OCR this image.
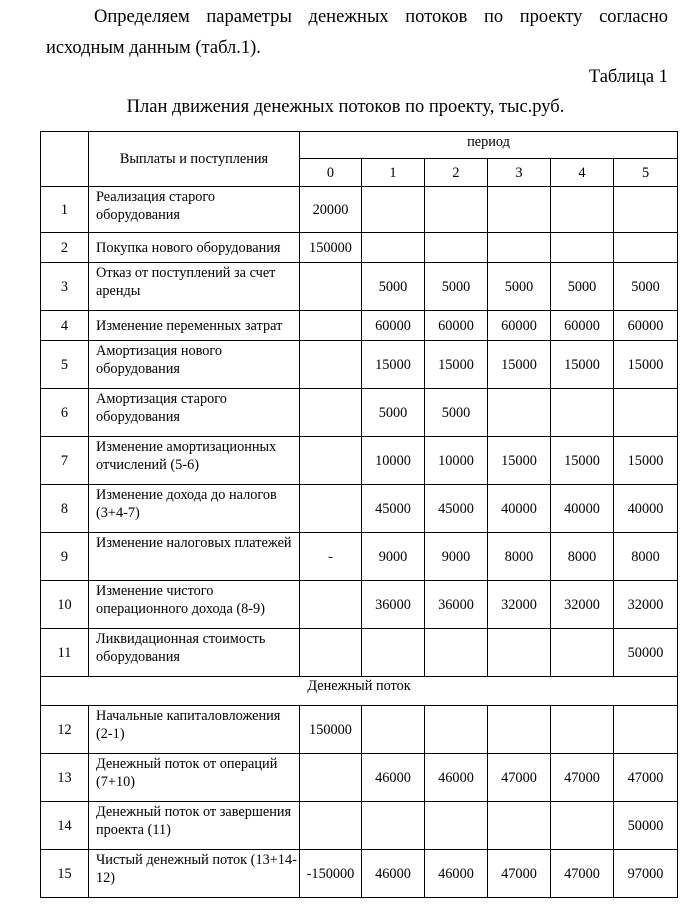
Определяем параметры денежных потоков по проекту согласно
исходным данным (табл.1).

Таблица 1

План движения денежных потоков по проекту, тыс.руб.

	Выплаты и поступления	период					
		0	1	2	3	4	5
1	Реализация старого оборудования	20000					
2	Покупка нового оборудования	150000					
3	Отказ от поступлений за счет аренды		5000	5000	5000	5000	5000
4	Изменение переменных затрат		60000	60000	60000	60000	60000
5	Амортизация нового оборудования		15000	15000	15000	15000	15000
6	Амортизация старого оборудования		5000	5000			
7	Изменение амортизационных отчислений (5-6)		10000	10000	15000	15000	15000
8	Изменение дохода до налогов (3+4-7)		45000	45000	40000	40000	40000
9	Изменение налоговых платежей	-	9000	9000	8000	8000	8000
10	Изменение чистого операционного дохода (8-9)		36000	36000	32000	32000	32000
11	Ликвидационная стоимость оборудования						50000
Денежный поток							
12	Начальные капиталовложения (2-1)	150000					
13	Денежный поток от операций (7+10)		46000	46000	47000	47000	47000
14	Денежный поток от завершения проекта (11)						50000
15	Чистый денежный поток (13+14-12)	-150000	46000	46000	47000	47000	97000
